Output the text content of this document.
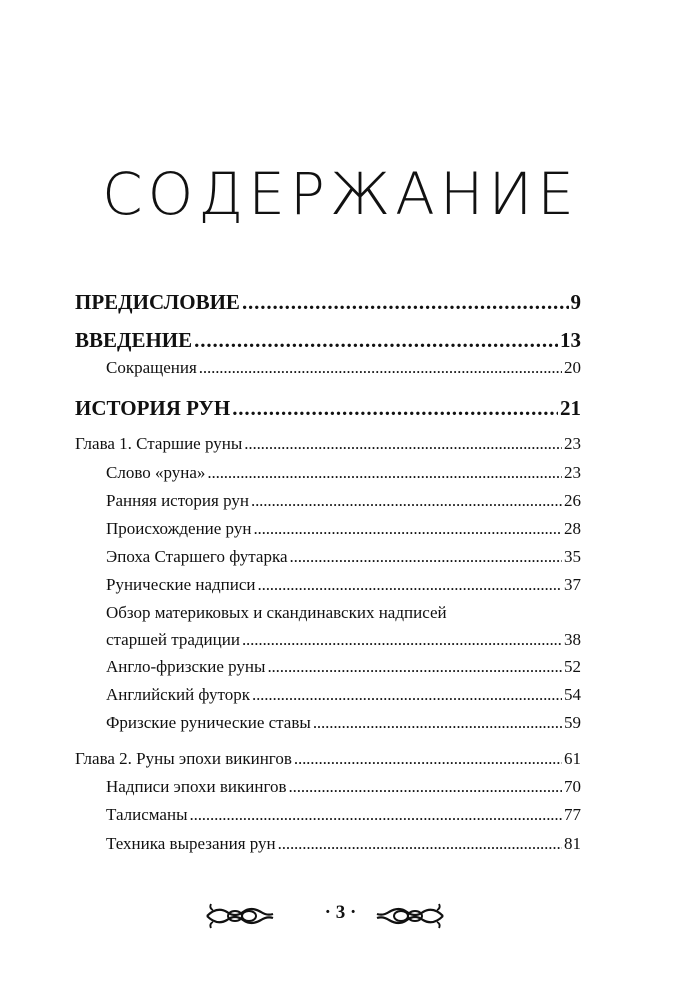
СОДЕРЖАНИЕ
ПРЕДИСЛОВИЕ . . .	9
ВВЕДЕНИЕ . . .	13
Сокращения . . .	20
ИСТОРИЯ РУН . . .	21
Глава 1. Старшие руны . . .	23
Слово «руна» . . .	23
Ранняя история рун . . .	26
Происхождение рун . . .	28
Эпоха Старшего футарка . . .	35
Рунические надписи . . .	37
Обзор материковых и скандинавских надписей
старшей традиции . . .	38
Англо-фризские руны . . .	52
Английский футорк . . .	54
Фризские рунические ставы . . .	59
Глава 2. Руны эпохи викингов . . .	61
Надписи эпохи викингов . . .	70
Талисманы . . .	77
Техника вырезания рун . . .	81
· 3 ·
